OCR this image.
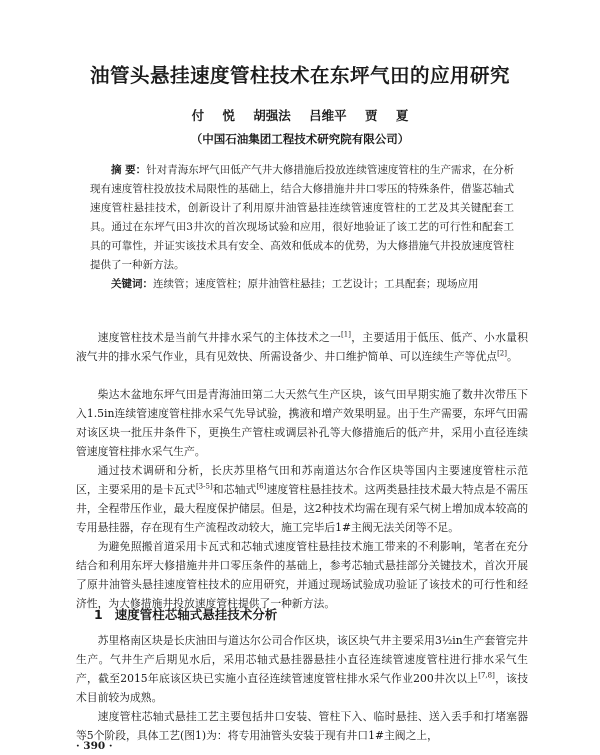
油管头悬挂速度管柱技术在东坪气田的应用研究
付 悦 胡强法 吕维平 贾 夏
（中国石油集团工程技术研究院有限公司）
摘 要：针对青海东坪气田低产气井大修措施后投放连续管速度管柱的生产需求，在分析现有速度管柱投放技术局限性的基础上，结合大修措施井井口零压的特殊条件，借鉴芯轴式速度管柱悬挂技术，创新设计了利用原井油管悬挂连续管速度管柱的工艺及其关键配套工具。通过在东坪气田3井次的首次现场试验和应用，很好地验证了该工艺的可行性和配套工具的可靠性，并证实该技术具有安全、高效和低成本的优势，为大修措施气井投放速度管柱提供了一种新方法。
关键词：连续管；速度管柱；原井油管柱悬挂；工艺设计；工具配套；现场应用

速度管柱技术是当前气井排水采气的主体技术之一[1]，主要适用于低压、低产、小水量积液气井的排水采气作业，具有见效快、所需设备少、井口维护简单、可以连续生产等优点[2]。

柴达木盆地东坪气田是青海油田第二大天然气生产区块，该气田早期实施了数井次带压下入1.5in连续管速度管柱排水采气先导试验，携液和增产效果明显。出于生产需要，东坪气田需对该区块一批压井条件下，更换生产管柱或调层补孔等大修措施后的低产井，采用小直径连续管速度管柱排水采气生产。

通过技术调研和分析，长庆苏里格气田和苏南道达尔合作区块等国内主要速度管柱示范区，主要采用的是卡瓦式[3-5]和芯轴式[6]速度管柱悬挂技术。这两类悬挂技术最大特点是不需压井，全程带压作业，最大程度保护储层。但是，这2种技术均需在现有采气树上增加成本较高的专用悬挂器，存在现有生产流程改动较大，施工完毕后1#主阀无法关闭等不足。

为避免照搬首道采用卡瓦式和芯轴式速度管柱悬挂技术施工带来的不利影响，笔者在充分结合和利用东坪大修措施井井口零压条件的基础上，参考芯轴式悬挂部分关键技术，首次开展了原井油管头悬挂速度管柱技术的应用研究，并通过现场试验成功验证了该技术的可行性和经济性，为大修措施井投放速度管柱提供了一种新方法。

1 速度管柱芯轴式悬挂技术分析

苏里格南区块是长庆油田与道达尔公司合作区块，该区块气井主要采用3½in生产套管完井生产。气井生产后期见水后，采用芯轴式悬挂器悬挂小直径连续管速度管柱进行排水采气生产，截至2015年底该区块已实施小直径连续管速度管柱排水采气作业200井次以上[7,8]，该技术目前较为成熟。

速度管柱芯轴式悬挂工艺主要包括井口安装、管柱下入、临时悬挂、送入丢手和打堵塞器等5个阶段，具体工艺(图1)为：将专用油管头安装于现有井口1#主阀之上，

· 390 ·
